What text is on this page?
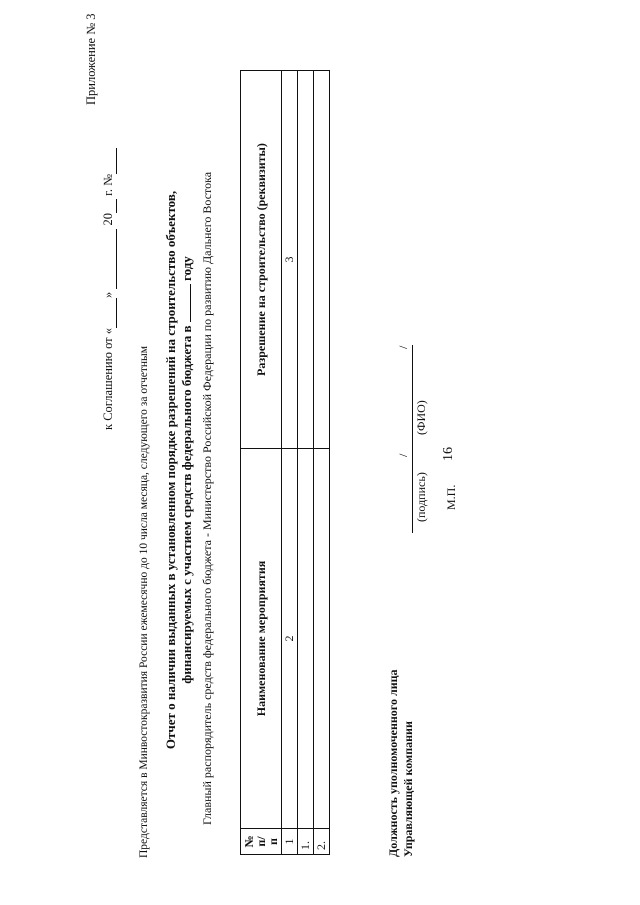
16
Приложение № 3
к Соглашению от « »   20  г. №
Представляется в Минвостокразвития России ежемесячно до 10 числа месяца, следующего за отчетным Отчет о наличии выданных в установленном порядке разрешений на строительство объектов, финансируемых с участием средств федерального бюджета в  году Главный распорядитель средств федерального бюджета - Министерство Российской Федерации по развитию Дальнего Востока
№ п/п	Наименование мероприятия	Разрешение на строительство (реквизиты)
1	2	3
1.		
2.			Должность уполномоченного лица Управляющей компании
/
/
(подпись)
(ФИО)
М.П.
